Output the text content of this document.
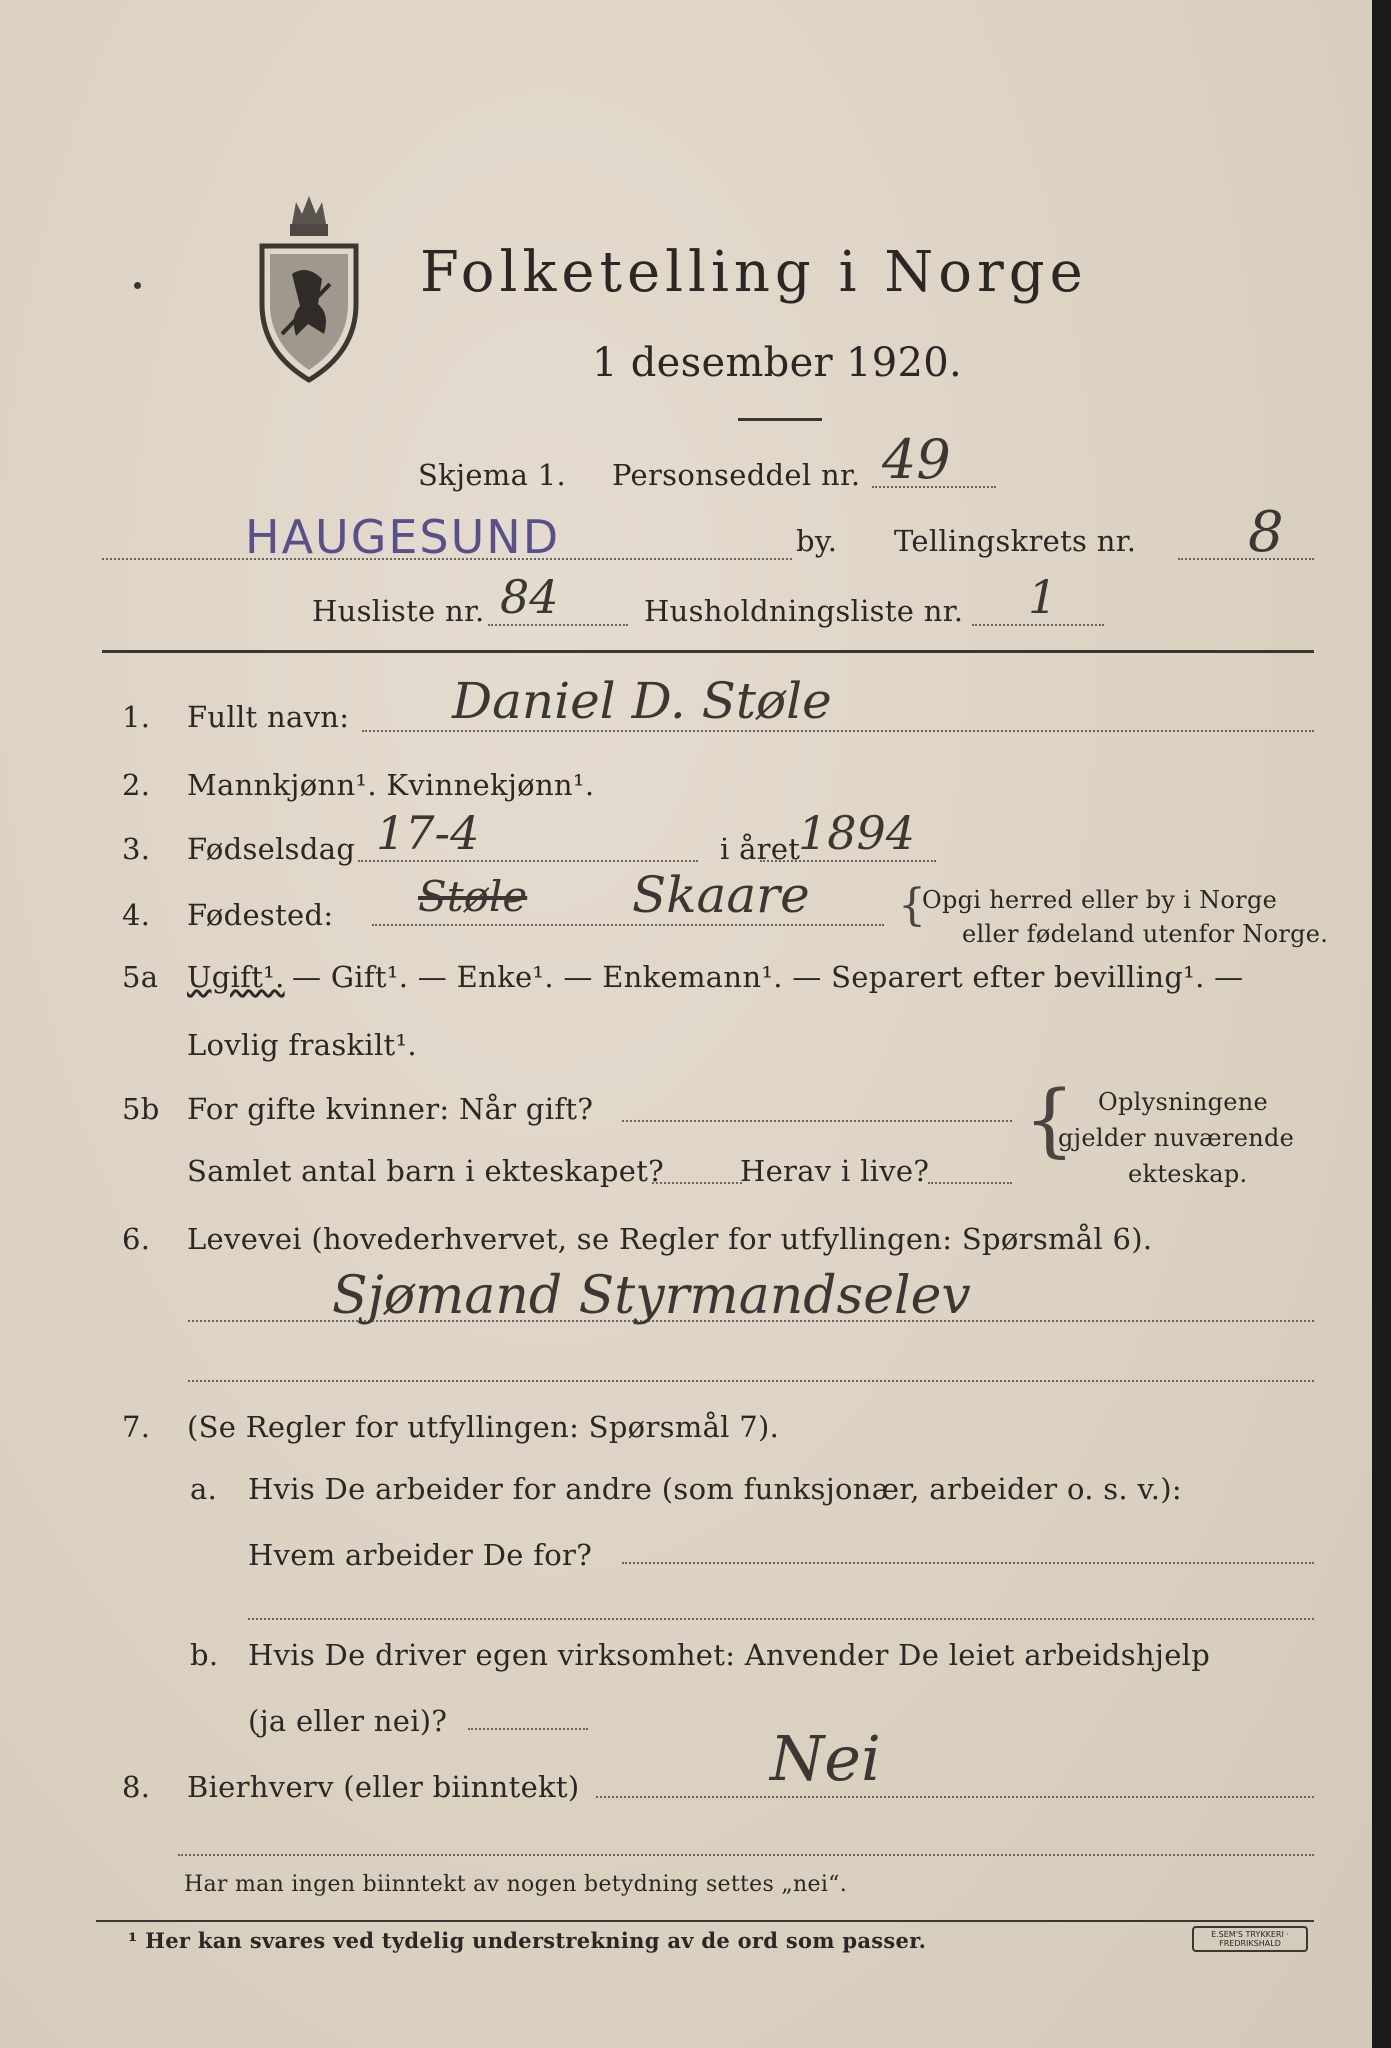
Folketelling i Norge
1 desember 1920.
Skjema 1. Personseddel nr. 49
HAUGESUND	by. Tellingskrets nr. 8
Husliste nr. 84	Husholdningsliste nr. 1
1. Fullt navn: Daniel D. Støle
2. Mannkjønn¹. Kvinnekjønn¹.
3. Fødselsdag 17-4	i året
1894
4. Fødested: Støle Skaare {
Opgi herred eller by i Norge
eller fødeland utenfor Norge.
5a Ugift¹. — Gift¹. — Enke¹. — Enkemann¹. — Separert efter bevilling¹. —
Lovlig fraskilt¹.
5b For gifte kvinner: Når gift?
Samlet antal barn i ekteskapet?	Herav i live?
{ Oplysningene
gjelder nuværende
ekteskap.
6. Levevei (hovederhvervet, se Regler for utfyllingen: Spørsmål 6).
Sjømand Styrmandselev
7. (Se Regler for utfyllingen: Spørsmål 7).
a. Hvis De arbeider for andre (som funksjonær, arbeider o. s. v.):
Hvem arbeider De for?
b. Hvis De driver egen virksomhet: Anvender De leiet arbeidshjelp
(ja eller nei)?
8. Bierhverv (eller biinntekt)	Nei
Har man ingen biinntekt av nogen betydning settes „nei“.
¹ Her kan svares ved tydelig understrekning av de ord som passer.	E.SEM'S TRYKKERI · FREDRIKSHALD
